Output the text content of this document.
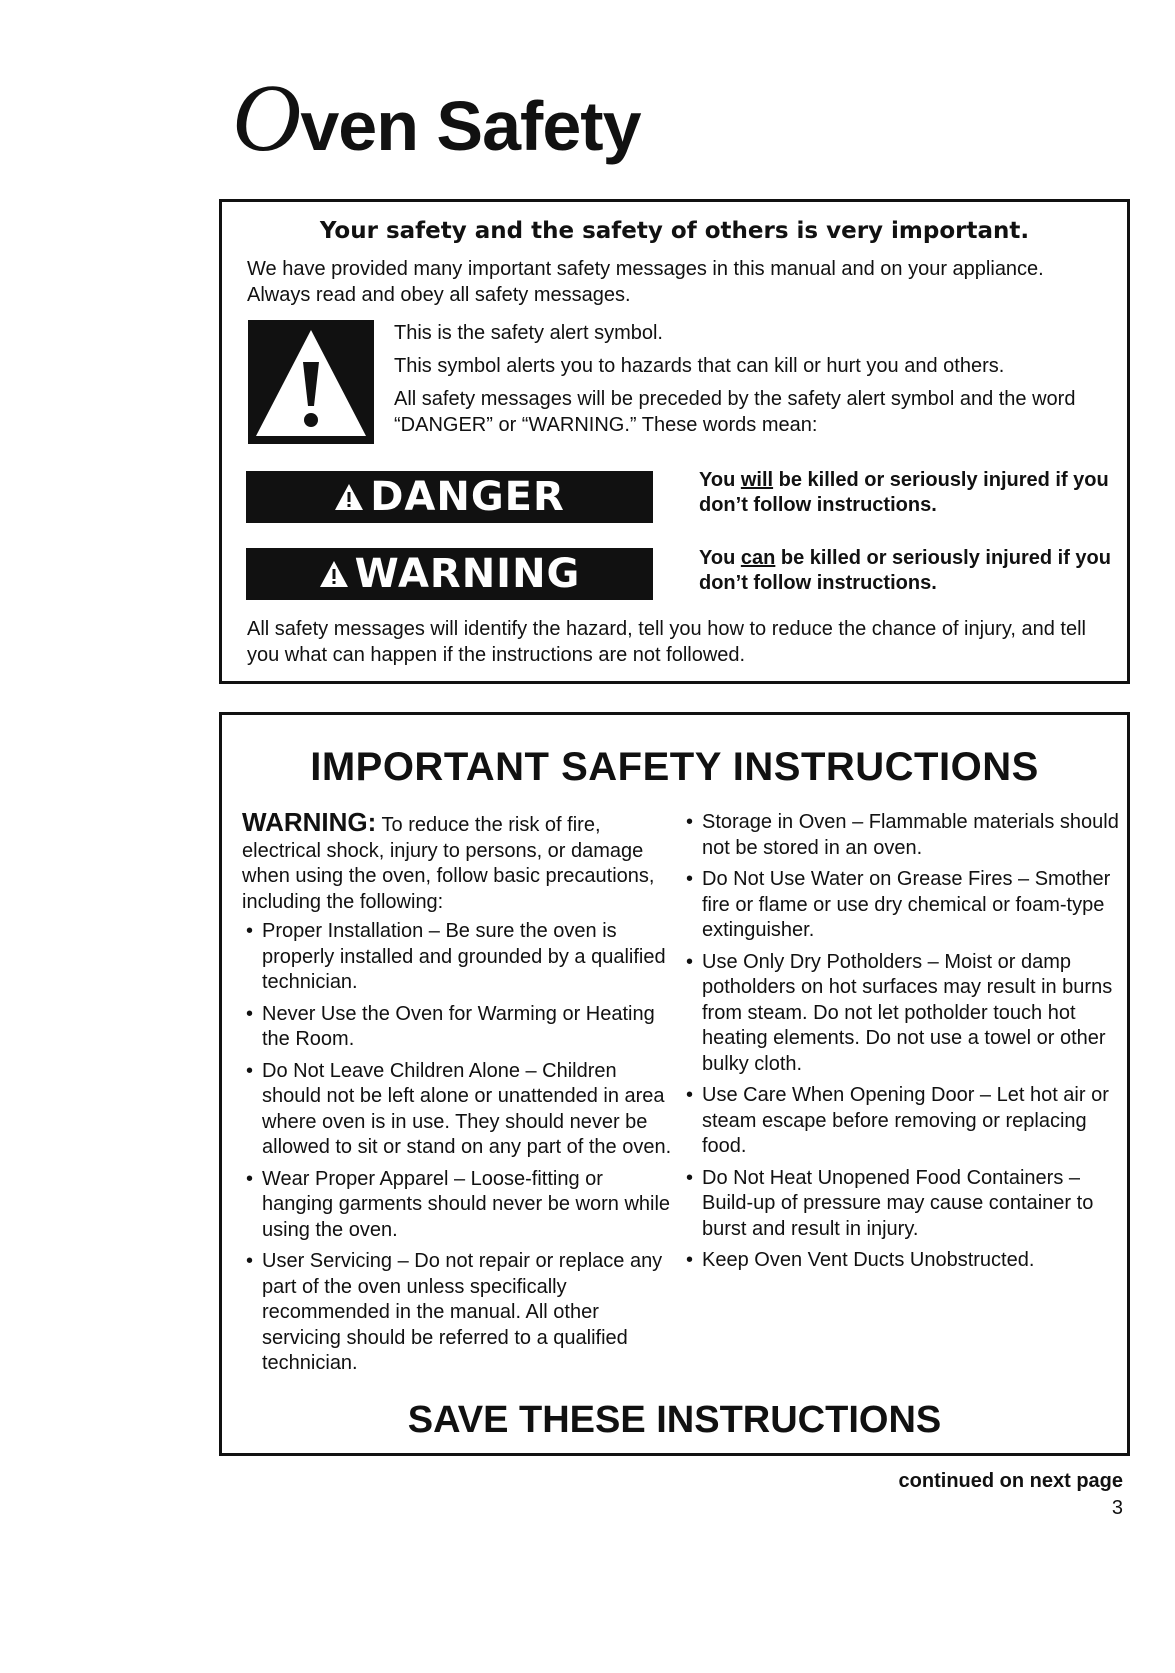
Oven Safety
Your safety and the safety of others is very important.
We have provided many important safety messages in this manual and on your appliance. Always read and obey all safety messages.
This is the safety alert symbol.
This symbol alerts you to hazards that can kill or hurt you and others.
All safety messages will be preceded by the safety alert symbol and the word “DANGER” or “WARNING.” These words mean:
DANGER	You will be killed or seriously injured if you don’t follow instructions.
WARNING	You can be killed or seriously injured if you don’t follow instructions.
All safety messages will identify the hazard, tell you how to reduce the chance of injury, and tell you what can happen if the instructions are not followed.
IMPORTANT SAFETY INSTRUCTIONS
WARNING: To reduce the risk of fire, electrical shock, injury to persons, or damage when using the oven, follow basic precautions, including the following:
• Proper Installation – Be sure the oven is properly installed and grounded by a qualified technician.
• Never Use the Oven for Warming or Heating the Room.
• Do Not Leave Children Alone – Children should not be left alone or unattended in area where oven is in use. They should never be allowed to sit or stand on any part of the oven.
• Wear Proper Apparel – Loose-fitting or hanging garments should never be worn while using the oven.
• User Servicing – Do not repair or replace any part of the oven unless specifically recommended in the manual. All other servicing should be referred to a qualified technician.
• Storage in Oven – Flammable materials should not be stored in an oven.
• Do Not Use Water on Grease Fires – Smother fire or flame or use dry chemical or foam-type extinguisher.
• Use Only Dry Potholders – Moist or damp potholders on hot surfaces may result in burns from steam. Do not let potholder touch hot heating elements. Do not use a towel or other bulky cloth.
• Use Care When Opening Door – Let hot air or steam escape before removing or replacing food.
• Do Not Heat Unopened Food Containers – Build-up of pressure may cause container to burst and result in injury.
• Keep Oven Vent Ducts Unobstructed.
SAVE THESE INSTRUCTIONS
continued on next page
3
